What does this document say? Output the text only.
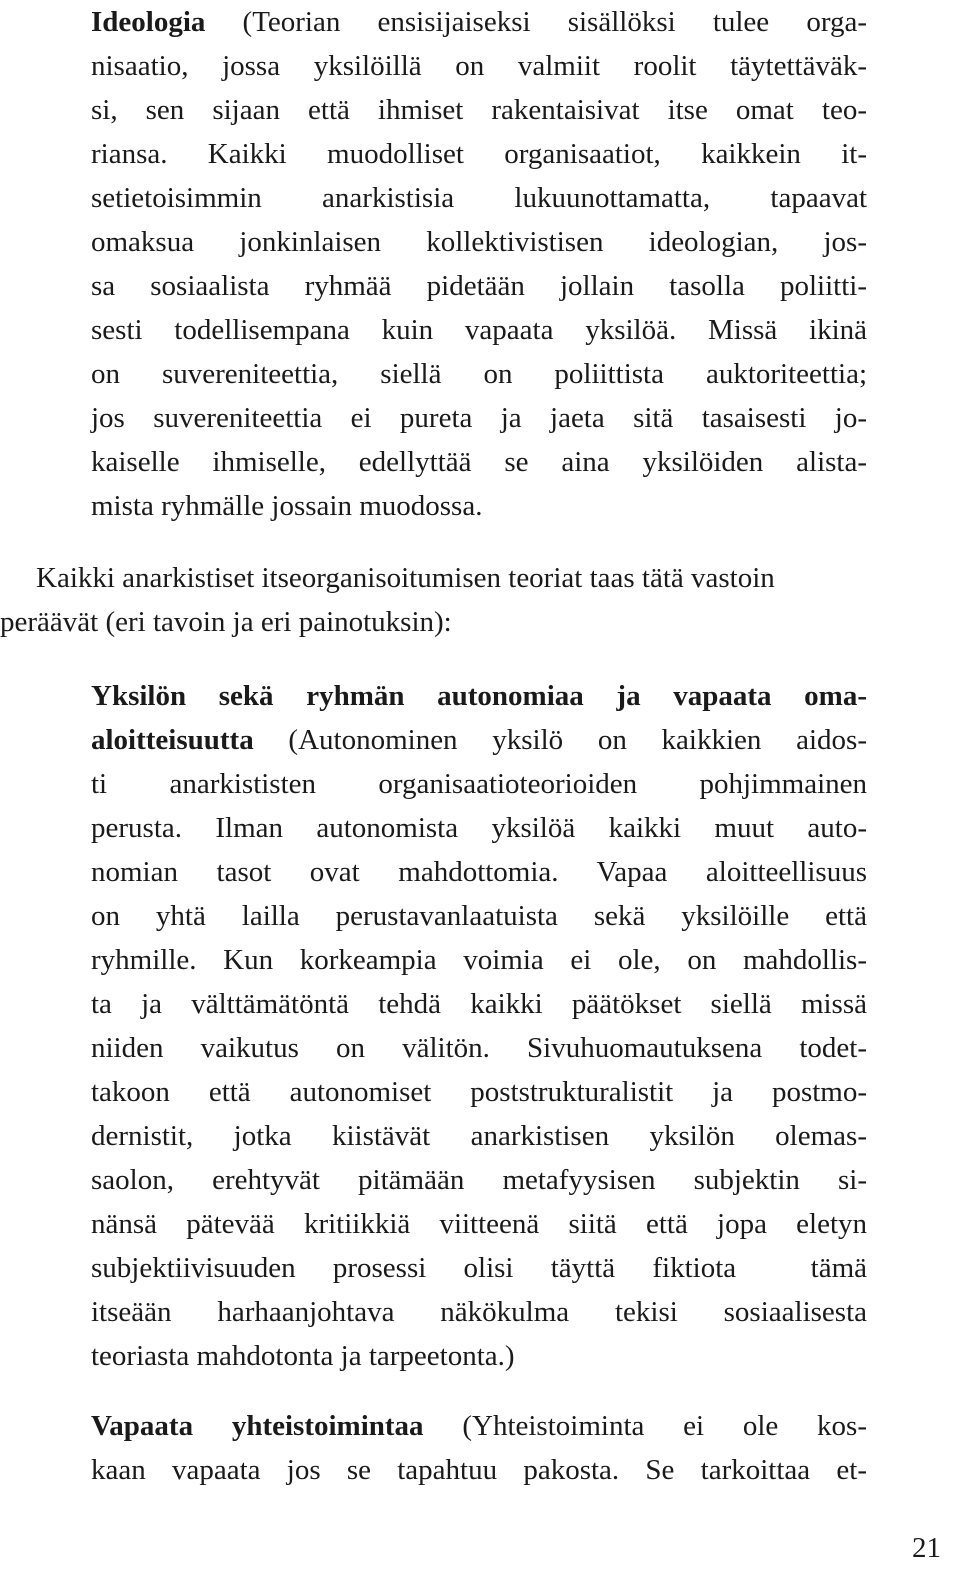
Ideologia (Teorian ensisijaiseksi sisällöksi tulee orga-
nisaatio, jossa yksilöillä on valmiit roolit täytettäväk-
si, sen sijaan että ihmiset rakentaisivat itse omat teo-
riansa. Kaikki muodolliset organisaatiot, kaikkein it-
setietoisimmin anarkistisia lukuunottamatta, tapaavat
omaksua jonkinlaisen kollektivistisen ideologian, jos-
sa sosiaalista ryhmää pidetään jollain tasolla poliitti-
sesti todellisempana kuin vapaata yksilöä. Missä ikinä
on suvereniteettia, siellä on poliittista auktoriteettia;
jos suvereniteettia ei pureta ja jaeta sitä tasaisesti jo-
kaiselle ihmiselle, edellyttää se aina yksilöiden alista-
mista ryhmälle jossain muodossa.
Kaikki anarkistiset itseorganisoitumisen teoriat taas tätä vastoin
peräävät (eri tavoin ja eri painotuksin):
Yksilön sekä ryhmän autonomiaa ja vapaata oma-
aloitteisuutta (Autonominen yksilö on kaikkien aidos-
ti anarkististen organisaatioteorioiden pohjimmainen
perusta. Ilman autonomista yksilöä kaikki muut auto-
nomian tasot ovat mahdottomia. Vapaa aloitteellisuus
on yhtä lailla perustavanlaatuista sekä yksilöille että
ryhmille. Kun korkeampia voimia ei ole, on mahdollis-
ta ja välttämätöntä tehdä kaikki päätökset siellä missä
niiden vaikutus on välitön. Sivuhuomautuksena todet-
takoon että autonomiset poststrukturalistit ja postmo-
dernistit, jotka kiistävät anarkistisen yksilön olemas-
saolon, erehtyvät pitämään metafyysisen subjektin si-
nänsä pätevää kritiikkiä viitteenä siitä että jopa eletyn
subjektiivisuuden prosessi olisi täyttä fiktiota  tämä
itseään harhaanjohtava näkökulma tekisi sosiaalisesta
teoriasta mahdotonta ja tarpeetonta.)
Vapaata yhteistoimintaa (Yhteistoiminta ei ole kos-
kaan vapaata jos se tapahtuu pakosta. Se tarkoittaa et-
21
